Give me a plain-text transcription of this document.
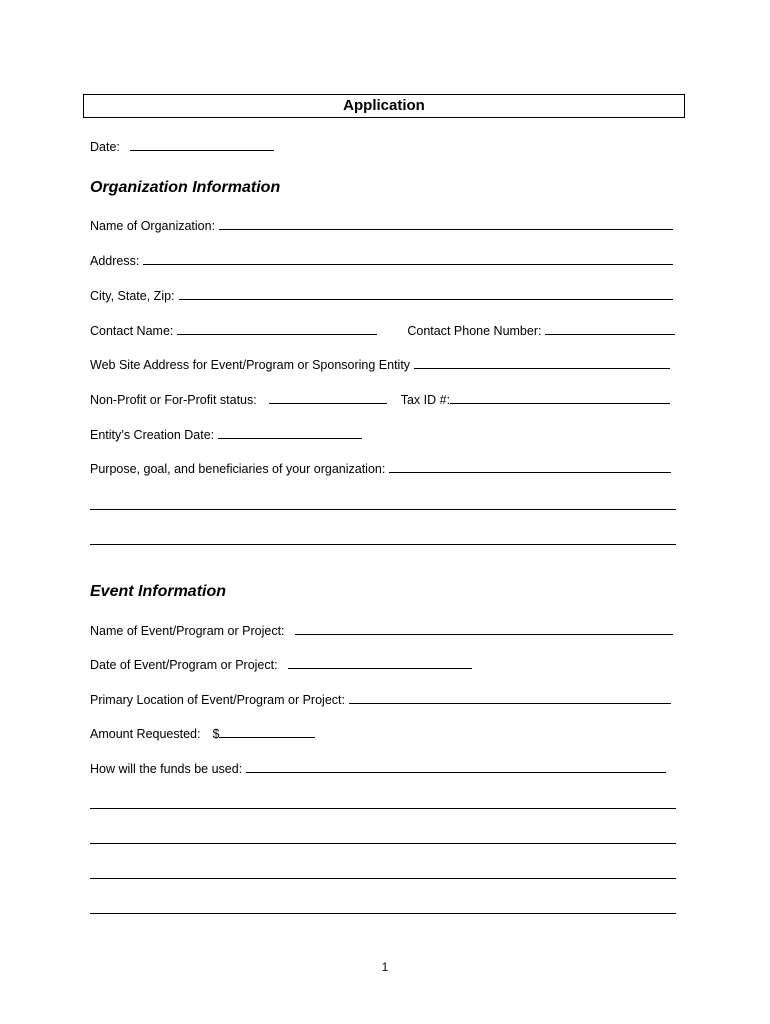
Application
Date:
Organization Information
Name of Organization:
Address:
City, State, Zip:
Contact Name:	Contact Phone Number:
Web Site Address for Event/Program or Sponsoring Entity
Non-Profit or For-Profit status:	Tax ID #:
Entity’s Creation Date:
Purpose, goal, and beneficiaries of your organization:
Event Information
Name of Event/Program or Project:
Date of Event/Program or Project:
Primary Location of Event/Program or Project:
Amount Requested: $
How will the funds be used:
1
